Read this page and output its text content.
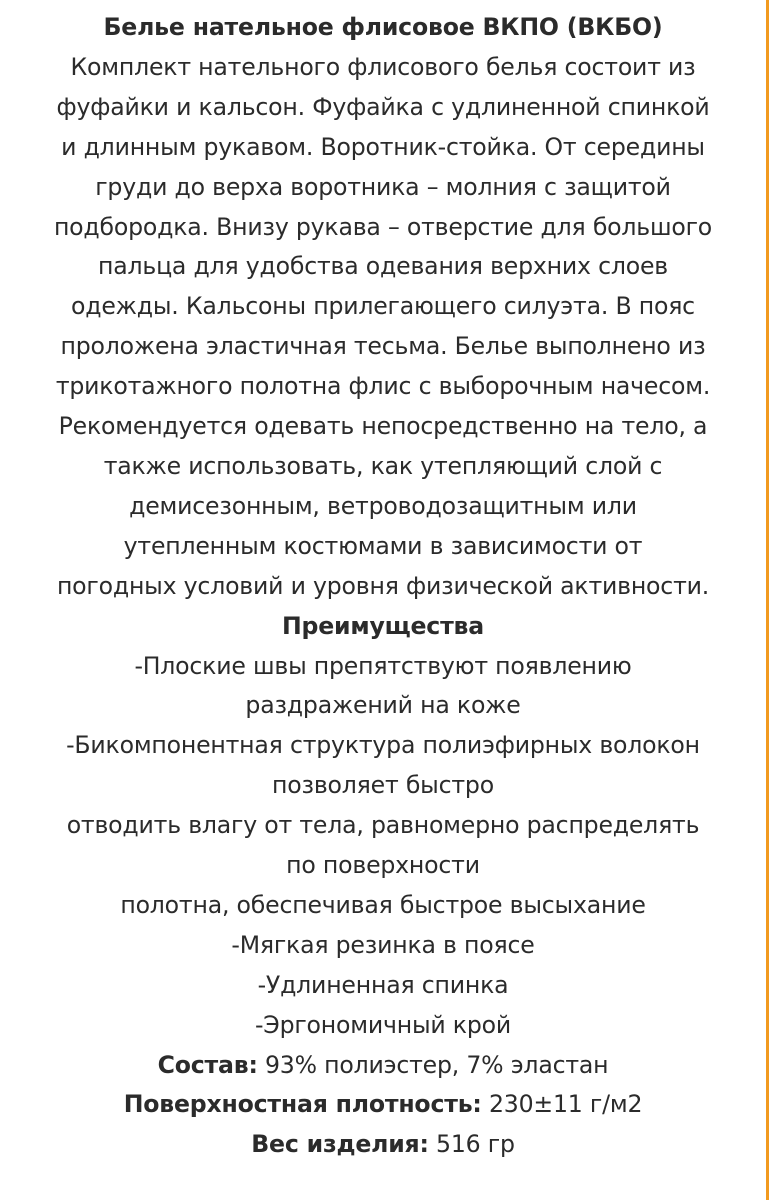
Белье нательное флисовое ВКПО (ВКБО)
Комплект нательного флисового белья состоит из
фуфайки и кальсон. Фуфайка с удлиненной спинкой
и длинным рукавом. Воротник-стойка. От середины
груди до верха воротника – молния с защитой
подбородка. Внизу рукава – отверстие для большого
пальца для удобства одевания верхних слоев
одежды. Кальсоны прилегающего силуэта. В пояс
проложена эластичная тесьма. Белье выполнено из
трикотажного полотна флис с выборочным начесом.
Рекомендуется одевать непосредственно на тело, а
также использовать, как утепляющий слой с
демисезонным, ветроводозащитным или
утепленным костюмами в зависимости от
погодных условий и уровня физической активности.
Преимущества
-Плоские швы препятствуют появлению
раздражений на коже
-Бикомпонентная структура полиэфирных волокон
позволяет быстро
отводить влагу от тела, равномерно распределять
по поверхности
полотна, обеспечивая быстрое высыхание
-Мягкая резинка в поясе
-Удлиненная спинка
-Эргономичный крой
Состав: 93% полиэстер, 7% эластан
Поверхностная плотность: 230±11 г/м2
Вес изделия: 516 гр
